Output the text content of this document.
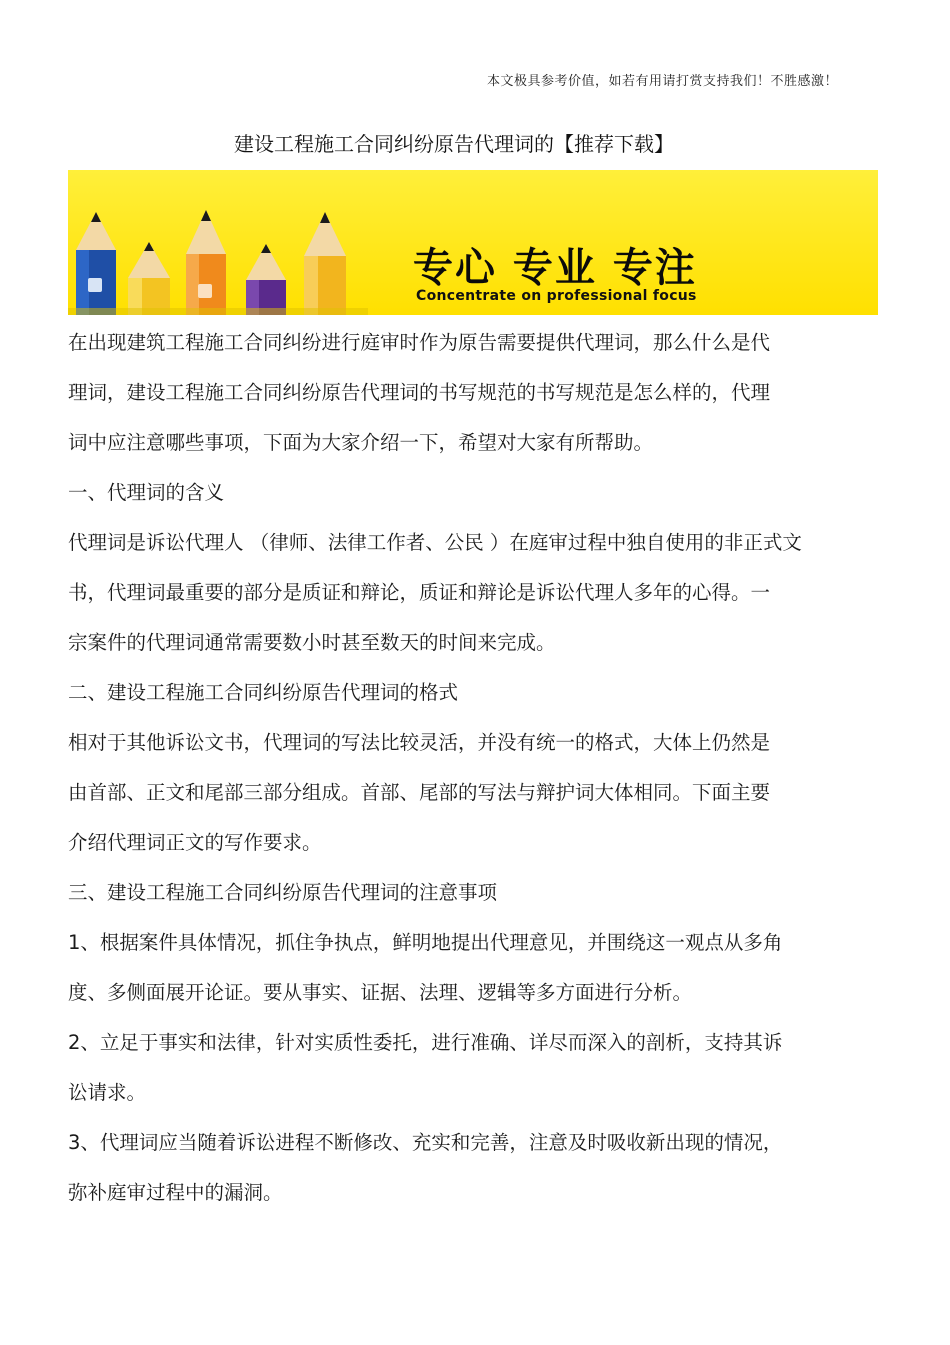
本文极具参考价值，如若有用请打赏支持我们！不胜感激！
建设工程施工合同纠纷原告代理词的【推荐下载】
专心 专业 专注
Concentrate on professional focus

在出现建筑工程施工合同纠纷进行庭审时作为原告需要提供代理词，那么什么是代

理词，建设工程施工合同纠纷原告代理词的书写规范的书写规范是怎么样的，代理

词中应注意哪些事项，下面为大家介绍一下，希望对大家有所帮助。

一、代理词的含义

代理词是诉讼代理人 （律师、法律工作者、公民 ）在庭审过程中独自使用的非正式文

书，代理词最重要的部分是质证和辩论，质证和辩论是诉讼代理人多年的心得。一

宗案件的代理词通常需要数小时甚至数天的时间来完成。

二、建设工程施工合同纠纷原告代理词的格式

相对于其他诉讼文书，代理词的写法比较灵活，并没有统一的格式，大体上仍然是

由首部、正文和尾部三部分组成。首部、尾部的写法与辩护词大体相同。下面主要

介绍代理词正文的写作要求。

三、建设工程施工合同纠纷原告代理词的注意事项

1、根据案件具体情况，抓住争执点，鲜明地提出代理意见，并围绕这一观点从多角

度、多侧面展开论证。要从事实、证据、法理、逻辑等多方面进行分析。

2、立足于事实和法律，针对实质性委托，进行准确、详尽而深入的剖析，支持其诉

讼请求。

3、代理词应当随着诉讼进程不断修改、充实和完善，注意及时吸收新出现的情况，

弥补庭审过程中的漏洞。
